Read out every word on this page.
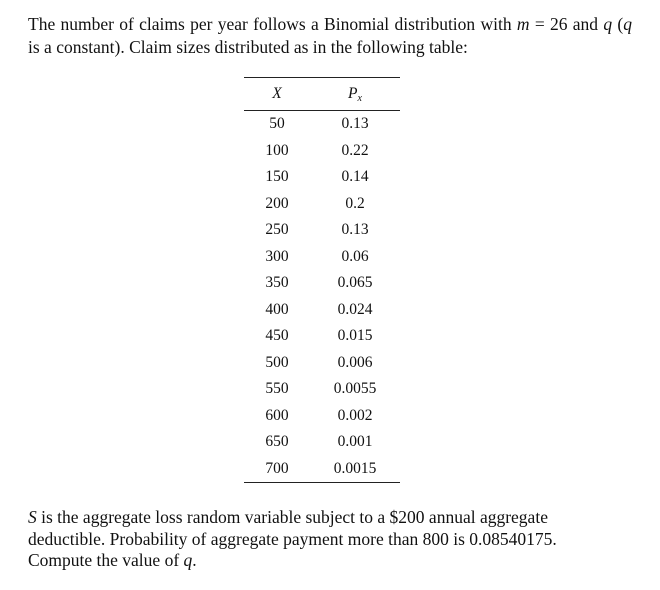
The number of claims per year follows a Binomial distribution with m = 26 and q (q is a constant). Claim sizes distributed as in the following table:
X	$P_x$
50	0.13
100	0.22
150	0.14
200	0.2
250	0.13
300	0.06
350	0.065
400	0.024
450	0.015
500	0.006
550	0.0055
600	0.002
650	0.001
700	0.0015
S is the aggregate loss random variable subject to a $200 annual aggregate deductible. Probability of aggregate payment more than 800 is 0.08540175. Compute the value of q.
